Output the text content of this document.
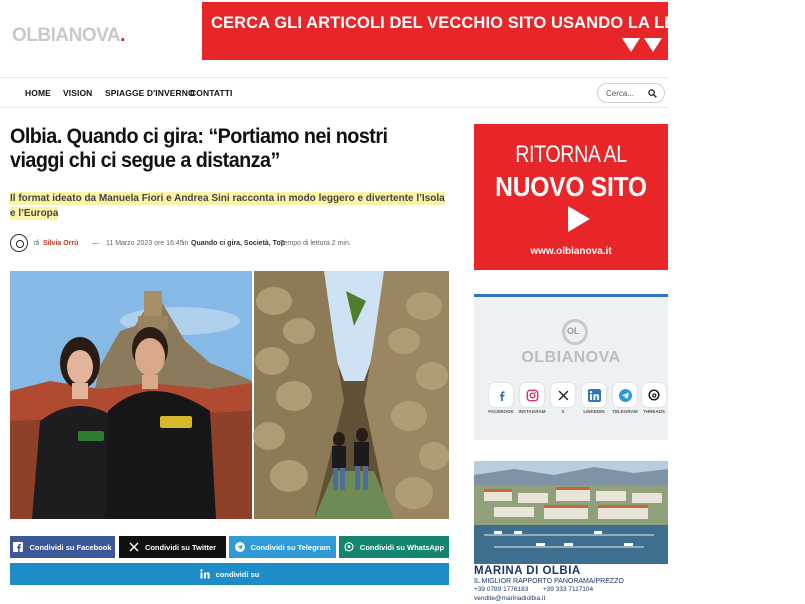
OLBIANOVA.
CERCA GLI ARTICOLI DEL VECCHIO SITO USANDO LA LENTE QUI SOTTO
HOME VISION SPIAGGE D'INVERNO
CONTATTI
Cerca...
Olbia. Quando ci gira: “Portiamo nei nostri viaggi chi ci segue a distanza”
Il format ideato da Manuela Fiori e Andrea Sini racconta in modo leggero e divertente l’Isola e l’Europa
di Silvia Orrù — 11 Marzo 2023 ore 16:45 in Quando ci gira, Società, Top
Tempo di lettura 2 min.
Condividi su Facebook	Condividi su Twitter	Condividi su Telegram	Condividi su WhatsApp
condividi su
RITORNA AL
NUOVO SITO
www.olbianova.it
OL
OLBIANOVA
FACEBOOK	INSTAGRAM	X	LINKEDIN	TELEGRAM	THREADS
MARINA DI OLBIA
IL MIGLIOR RAPPORTO PANORAMA/PREZZO
+39 0789 1776183        +39 333 7117104
vendite@marinadiolbia.it
